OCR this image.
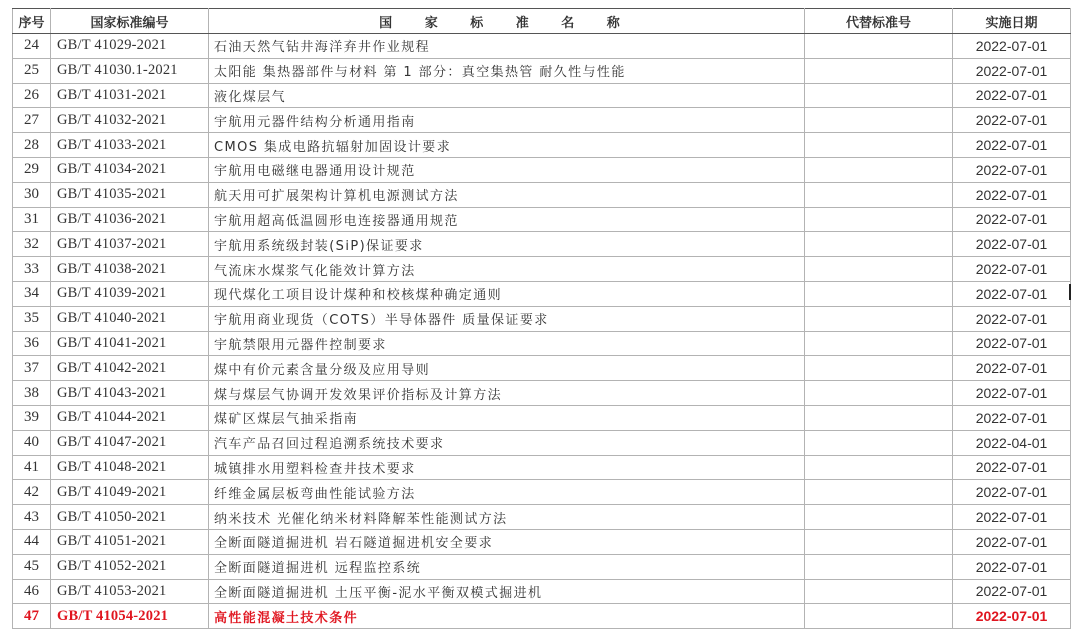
序号	国家标准编号	国 家 标 准 名 称	代替标准号	实施日期
24	GB/T 41029-2021	石油天然气钻井海洋弃井作业规程		2022-07-01
25	GB/T 41030.1-2021	太阳能 集热器部件与材料 第 1 部分：真空集热管 耐久性与性能		2022-07-01
26	GB/T 41031-2021	液化煤层气		2022-07-01
27	GB/T 41032-2021	宇航用元器件结构分析通用指南		2022-07-01
28	GB/T 41033-2021	CMOS 集成电路抗辐射加固设计要求		2022-07-01
29	GB/T 41034-2021	宇航用电磁继电器通用设计规范		2022-07-01
30	GB/T 41035-2021	航天用可扩展架构计算机电源测试方法		2022-07-01
31	GB/T 41036-2021	宇航用超高低温圆形电连接器通用规范		2022-07-01
32	GB/T 41037-2021	宇航用系统级封装(SiP)保证要求		2022-07-01
33	GB/T 41038-2021	气流床水煤浆气化能效计算方法		2022-07-01
34	GB/T 41039-2021	现代煤化工项目设计煤种和校核煤种确定通则		2022-07-01
35	GB/T 41040-2021	宇航用商业现货（COTS）半导体器件 质量保证要求		2022-07-01
36	GB/T 41041-2021	宇航禁限用元器件控制要求		2022-07-01
37	GB/T 41042-2021	煤中有价元素含量分级及应用导则		2022-07-01
38	GB/T 41043-2021	煤与煤层气协调开发效果评价指标及计算方法		2022-07-01
39	GB/T 41044-2021	煤矿区煤层气抽采指南		2022-07-01
40	GB/T 41047-2021	汽车产品召回过程追溯系统技术要求		2022-04-01
41	GB/T 41048-2021	城镇排水用塑料检查井技术要求		2022-07-01
42	GB/T 41049-2021	纤维金属层板弯曲性能试验方法		2022-07-01
43	GB/T 41050-2021	纳米技术 光催化纳米材料降解苯性能测试方法		2022-07-01
44	GB/T 41051-2021	全断面隧道掘进机 岩石隧道掘进机安全要求		2022-07-01
45	GB/T 41052-2021	全断面隧道掘进机 远程监控系统		2022-07-01
46	GB/T 41053-2021	全断面隧道掘进机 土压平衡-泥水平衡双模式掘进机		2022-07-01
47	GB/T 41054-2021	高性能混凝土技术条件		2022-07-01
